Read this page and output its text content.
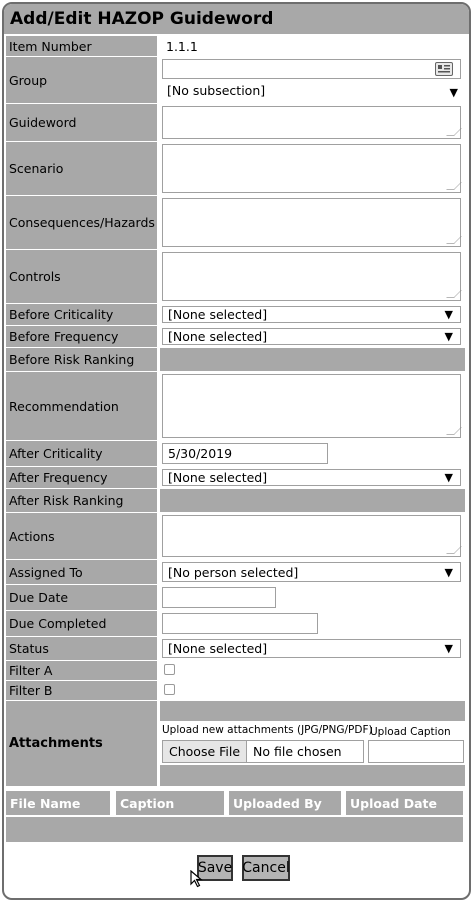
Add/Edit HAZOP Guideword
Item Number	1.1.1
Group
[No subsection]	▼
Guideword
Scenario
Consequences/Hazards
Controls
Before Criticality	[None selected]	▼
Before Frequency	[None selected]	▼
Before Risk Ranking
Recommendation
After Criticality	5/30/2019
After Frequency	[None selected]	▼
After Risk Ranking
Actions
Assigned To	[No person selected]	▼
Due Date
Due Completed
Status	[None selected]	▼
Filter A
Filter B
Attachments
Upload new attachments (JPG/PNG/PDF)
Upload Caption
Choose File	No file chosen
File Name	Caption	Uploaded By	Upload Date
Save Cancel
